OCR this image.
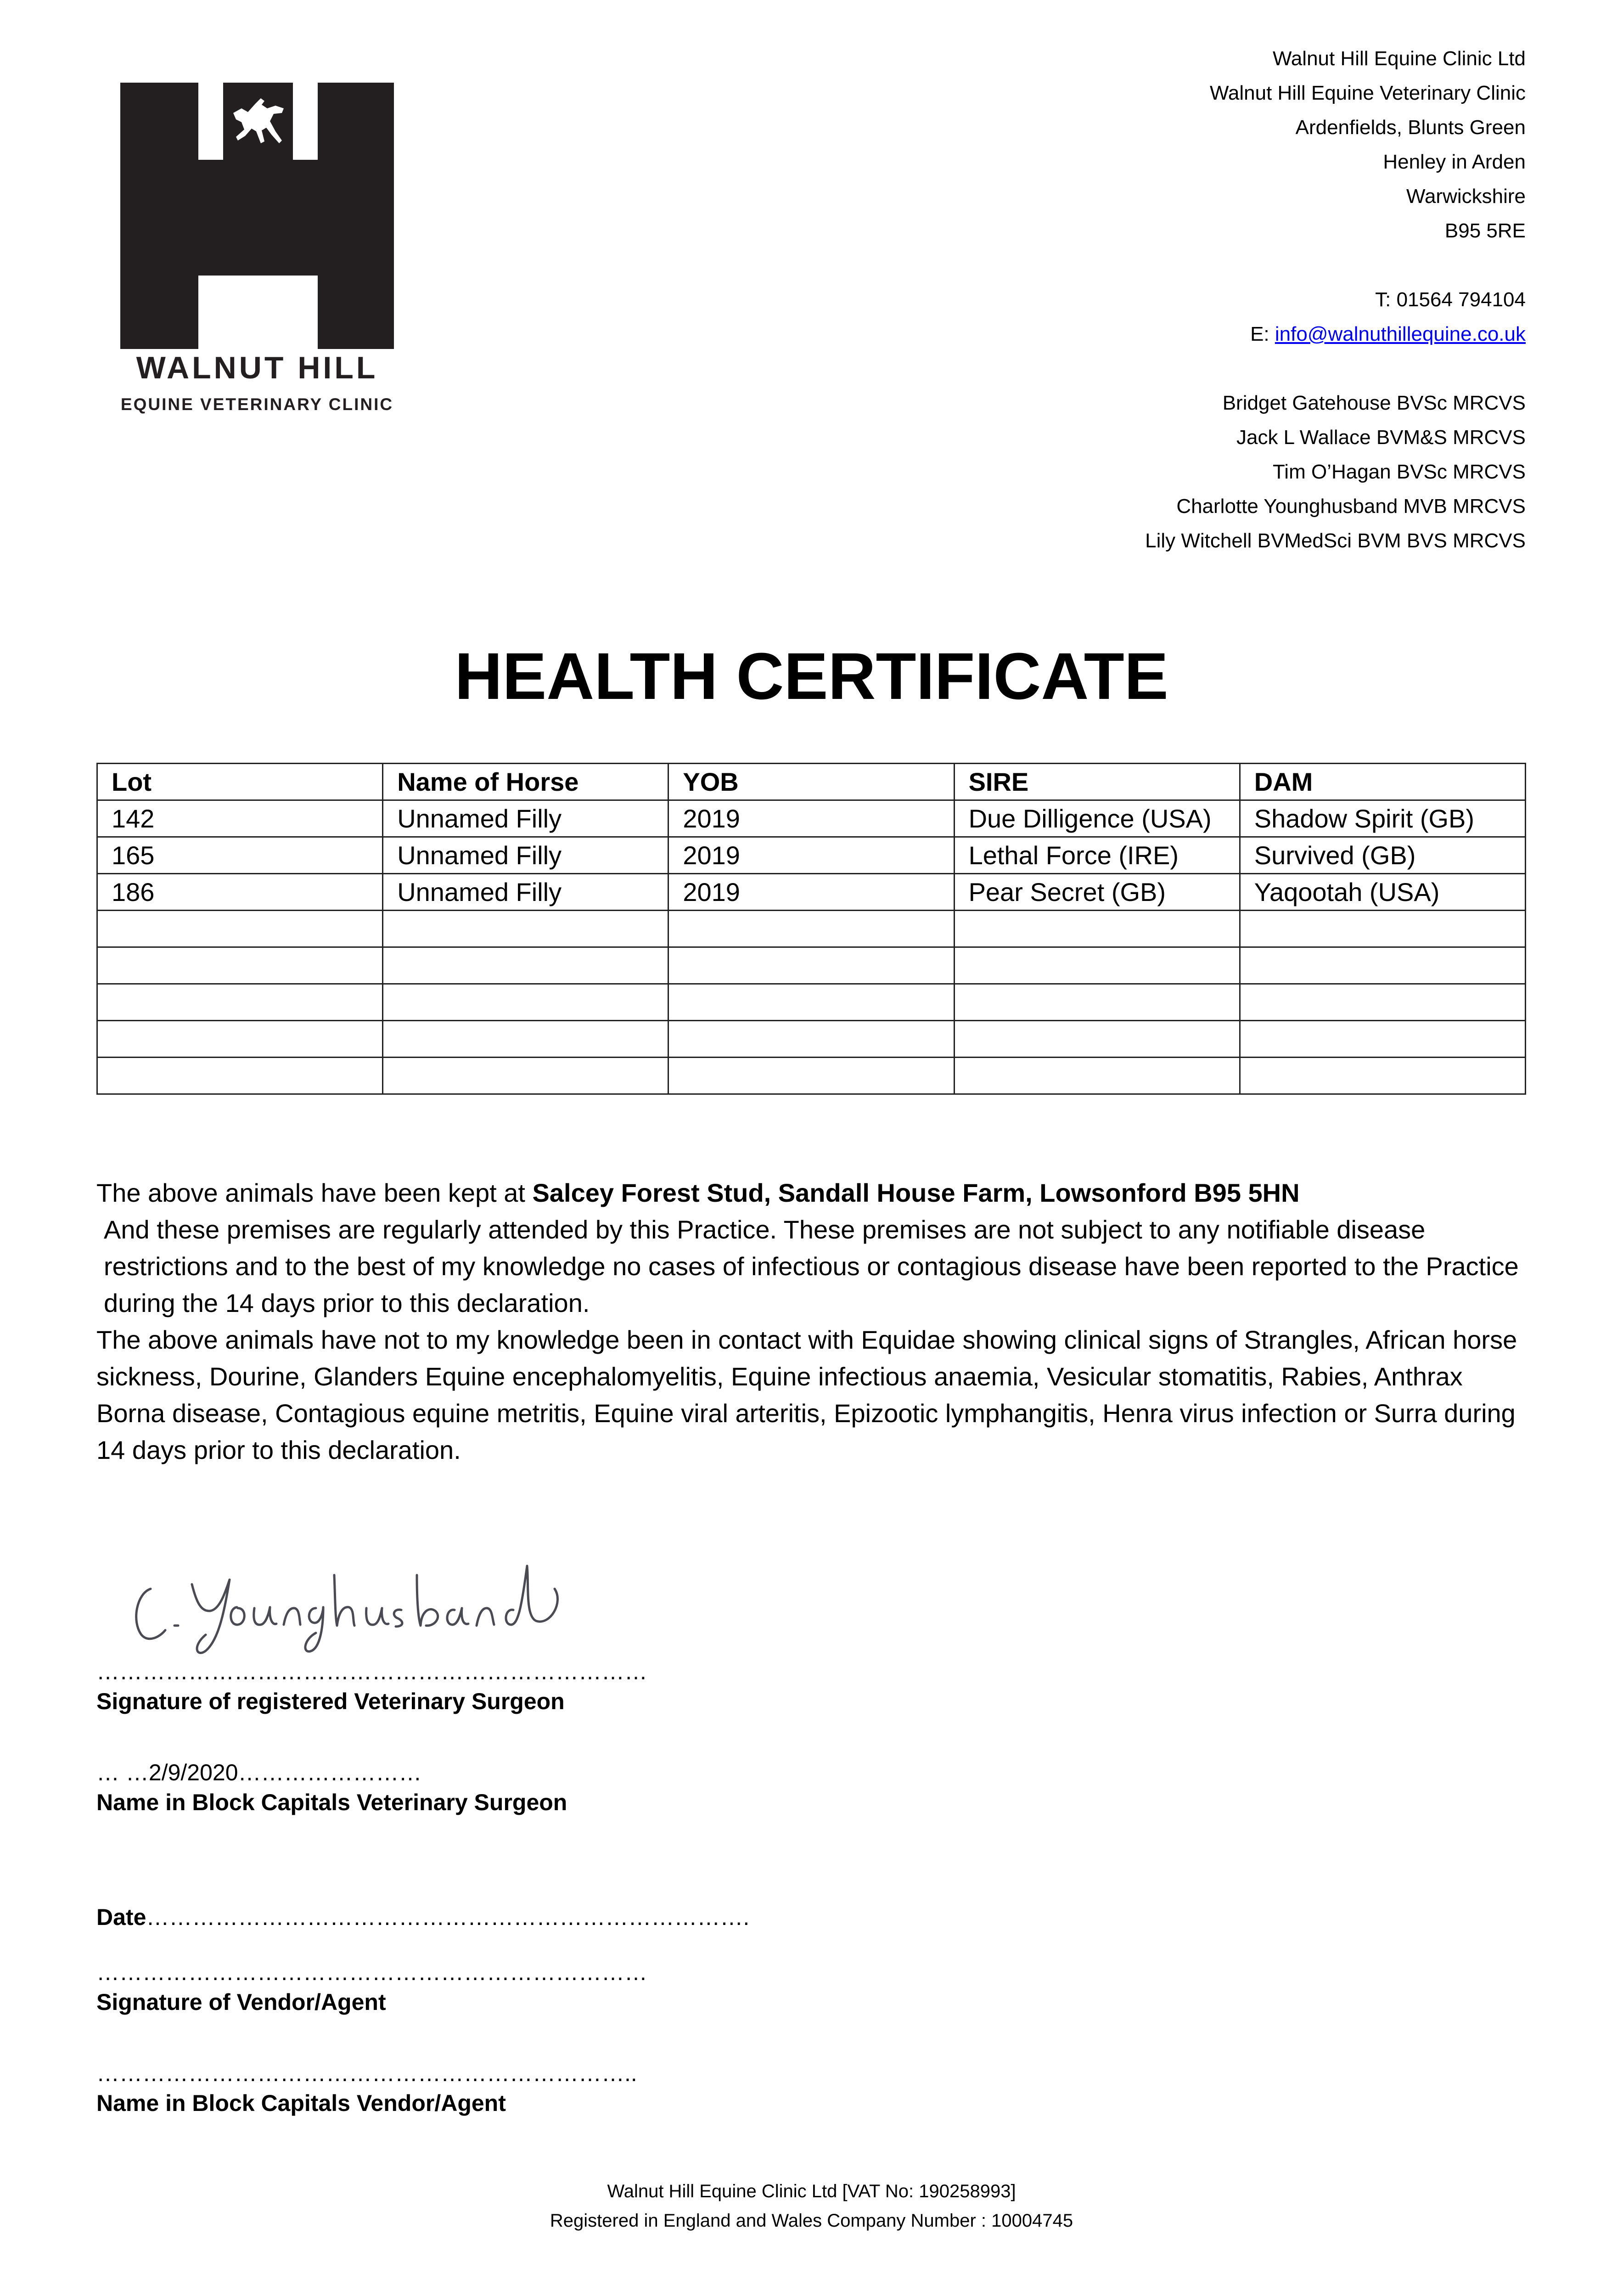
WALNUT HILL
EQUINE VETERINARY CLINIC
Walnut Hill Equine Clinic Ltd
Walnut Hill Equine Veterinary Clinic
Ardenfields, Blunts Green
Henley in Arden
Warwickshire
B95 5RE
T: 01564 794104
E: info@walnuthillequine.co.uk
Bridget Gatehouse BVSc MRCVS
Jack L Wallace BVM&S MRCVS
Tim O’Hagan BVSc MRCVS
Charlotte Younghusband MVB MRCVS
Lily Witchell BVMedSci BVM BVS MRCVS
HEALTH CERTIFICATE
Lot	Name of Horse	YOB	SIRE	DAM
142	Unnamed Filly	2019	Due Dilligence (USA)	Shadow Spirit (GB)
165	Unnamed Filly	2019	Lethal Force (IRE)	Survived (GB)
186	Unnamed Filly	2019	Pear Secret (GB)	Yaqootah (USA)

The above animals have been kept at Salcey Forest Stud, Sandall House Farm, Lowsonford B95 5HN

And these premises are regularly attended by this Practice. These premises are not subject to any notifiable disease restrictions and to the best of my knowledge no cases of infectious or contagious disease have been reported to the Practice during the 14 days prior to this declaration.

The above animals have not to my knowledge been in contact with Equidae showing clinical signs of Strangles, African horse sickness, Dourine, Glanders Equine encephalomyelitis, Equine infectious anaemia, Vesicular stomatitis, Rabies, Anthrax Borna disease, Contagious equine metritis, Equine viral arteritis, Epizootic lymphangitis, Henra virus infection or Surra during 14 days prior to this declaration.

………………………………………………………………
Signature of registered Veterinary Surgeon
… …2/9/2020……………………
Name in Block Capitals Veterinary Surgeon
Date…………………………………………………………………….
………………………………………………………………
Signature of Vendor/Agent
……………………………………………………………..
Name in Block Capitals Vendor/Agent
Walnut Hill Equine Clinic Ltd [VAT No: 190258993]
Registered in England and Wales Company Number : 10004745
